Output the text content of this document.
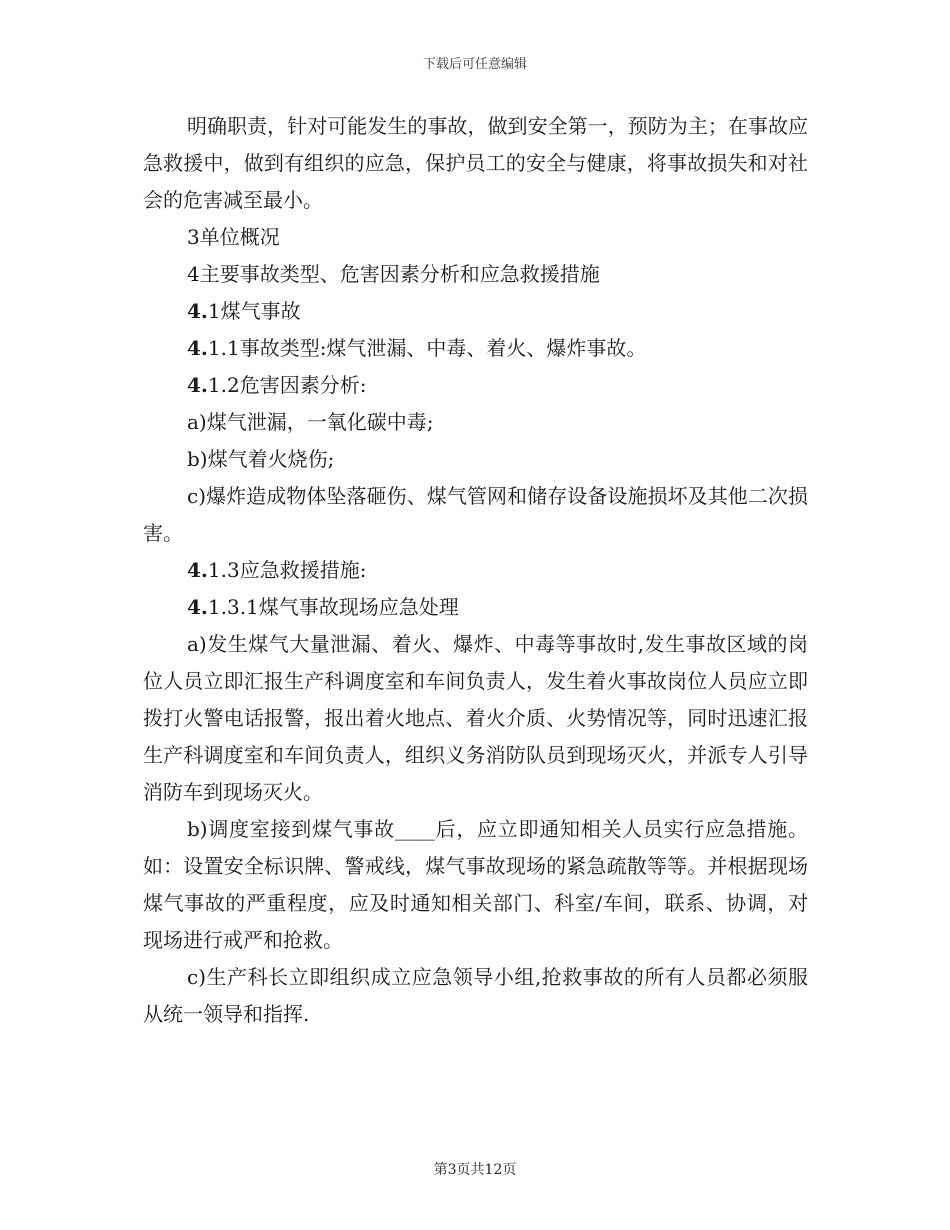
下载后可任意编辑

明确职责，针对可能发生的事故，做到安全第一，预防为主；在事故应急救援中，做到有组织的应急，保护员工的安全与健康，将事故损失和对社会的危害减至最小。

3单位概况

4主要事故类型、危害因素分析和应急救援措施

4.1煤气事故

4.1.1事故类型:煤气泄漏、中毒、着火、爆炸事故。

4.1.2危害因素分析:

a)煤气泄漏，一氧化碳中毒;

b)煤气着火烧伤;

c)爆炸造成物体坠落砸伤、煤气管网和储存设备设施损坏及其他二次损害。

4.1.3应急救援措施:

4.1.3.1煤气事故现场应急处理

a)发生煤气大量泄漏、着火、爆炸、中毒等事故时,发生事故区域的岗位人员立即汇报生产科调度室和车间负责人，发生着火事故岗位人员应立即拨打火警电话报警，报出着火地点、着火介质、火势情况等，同时迅速汇报生产科调度室和车间负责人，组织义务消防队员到现场灭火，并派专人引导消防车到现场灭火。

b)调度室接到煤气事故____后，应立即通知相关人员实行应急措施。如：设置安全标识牌、警戒线，煤气事故现场的紧急疏散等等。并根据现场煤气事故的严重程度，应及时通知相关部门、科室/车间，联系、协调，对现场进行戒严和抢救。

c)生产科长立即组织成立应急领导小组,抢救事故的所有人员都必须服从统一领导和指挥.

第3页共12页
